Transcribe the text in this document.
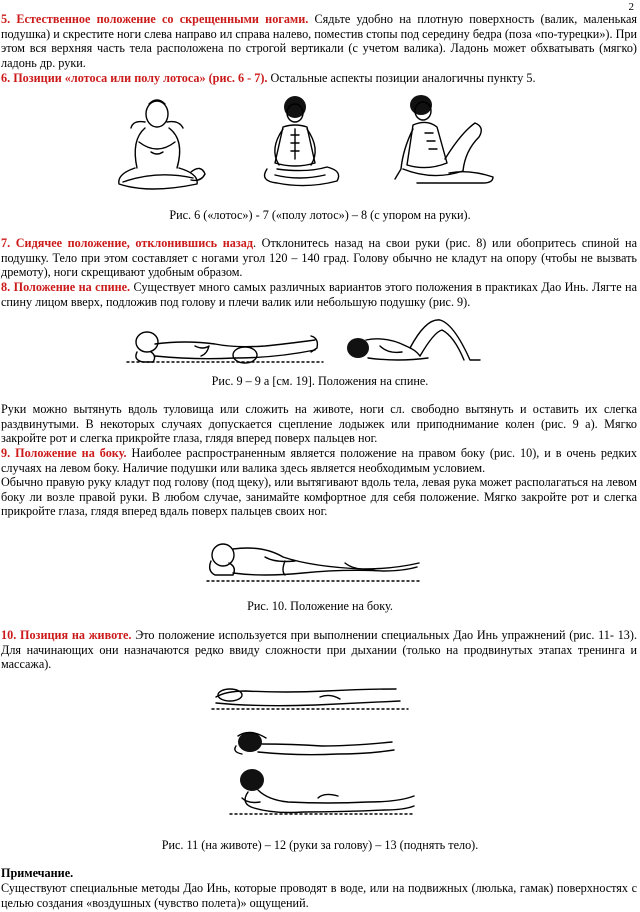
2
5. Естественное положение со скрещенными ногами. Сядьте удобно на плотную поверхность (валик, маленькая подушка) и скрестите ноги слева направо ил справа налево, поместив стопы под середину бедра (поза «по-турецки»). При этом вся верхняя часть тела расположена по строгой вертикали (с учетом валика). Ладонь может обхватывать (мягко) ладонь др. руки.
6. Позиции «лотоса или полу лотоса» (рис. 6 - 7). Остальные аспекты позиции аналогичны пункту 5.
Рис. 6 («лотос») - 7 («полу лотос») – 8 (с упором на руки).
7. Сидячее положение, отклонившись назад. Отклонитесь назад на свои руки (рис. 8) или обопритесь спиной на подушку. Тело при этом составляет с ногами угол 120 – 140 град. Голову обычно не кладут на опору (чтобы не вызвать дремоту), ноги скрещивают удобным образом.
8. Положение на спине. Существует много самых различных вариантов этого положения в практиках Дао Инь. Лягте на спину лицом вверх, подложив под голову и плечи валик или небольшую подушку (рис. 9).
Рис. 9 – 9 а [см. 19]. Положения на спине.
Руки можно вытянуть вдоль туловища или сложить на животе, ноги сл. свободно вытянуть и оставить их слегка раздвинутыми. В некоторых случаях допускается сцепление лодыжек или приподнимание колен (рис. 9 а). Мягко закройте рот и слегка прикройте глаза, глядя вперед поверх пальцев ног.
9. Положение на боку. Наиболее распространенным является положение на правом боку (рис. 10), и в очень редких случаях на левом боку. Наличие подушки или валика здесь является необходимым условием.
Обычно правую руку кладут под голову (под щеку), или вытягивают вдоль тела, левая рука может располагаться на левом боку ли возле правой руки. В любом случае, занимайте комфортное для себя положение. Мягко закройте рот и слегка прикройте глаза, глядя вперед вдаль поверх пальцев своих ног.
Рис. 10. Положение на боку.
10. Позиция на животе. Это положение используется при выполнении специальных Дао Инь упражнений (рис. 11- 13). Для начинающих они назначаются редко ввиду сложности при дыхании (только на продвинутых этапах тренинга и массажа).
Рис. 11 (на животе) – 12 (руки за голову) – 13 (поднять тело).
Примечание.
Существуют специальные методы Дао Инь, которые проводят в воде, или на подвижных (люлька, гамак) поверхностях с целью создания «воздушных (чувство полета)» ощущений.
